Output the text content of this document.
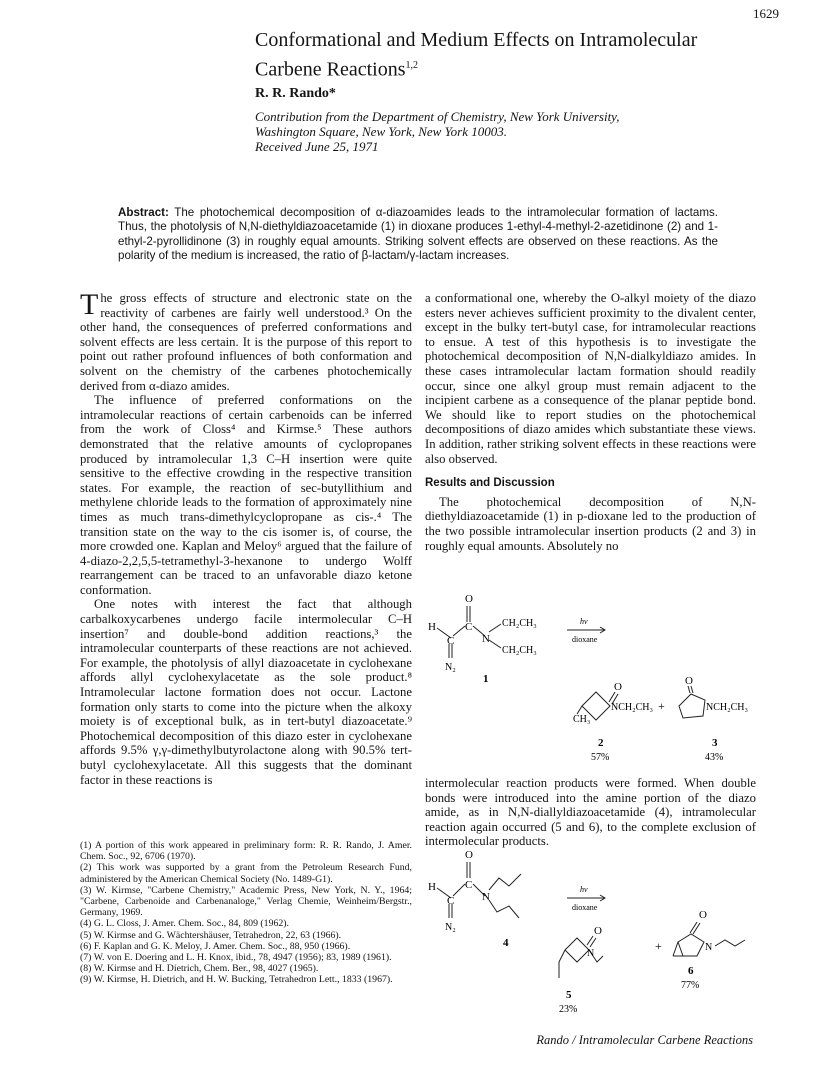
1629
Conformational and Medium Effects on Intramolecular
Carbene Reactions$^{1,2}$
R. R. Rando*
Contribution from the Department of Chemistry, New York University,
Washington Square, New York, New York 10003.
Received June 25, 1971
Abstract: The photochemical decomposition of α-diazoamides leads to the intramolecular formation of lactams. Thus, the photolysis of N,N-diethyldiazoacetamide (1) in dioxane produces 1-ethyl-4-methyl-2-azetidinone (2) and 1-ethyl-2-pyrollidinone (3) in roughly equal amounts. Striking solvent effects are observed on these reactions. As the polarity of the medium is increased, the ratio of β-lactam/γ-lactam increases.

The gross effects of structure and electronic state on the reactivity of carbenes are fairly well understood.³ On the other hand, the consequences of preferred conformations and solvent effects are less certain. It is the purpose of this report to point out rather profound influences of both conformation and solvent on the chemistry of the carbenes photochemically derived from α-diazo amides.

The influence of preferred conformations on the intramolecular reactions of certain carbenoids can be inferred from the work of Closs⁴ and Kirmse.⁵ These authors demonstrated that the relative amounts of cyclopropanes produced by intramolecular 1,3 C–H insertion were quite sensitive to the effective crowding in the respective transition states. For example, the reaction of sec-butyllithium and methylene chloride leads to the formation of approximately nine times as much trans-dimethylcyclopropane as cis-.⁴ The transition state on the way to the cis isomer is, of course, the more crowded one. Kaplan and Meloy⁶ argued that the failure of 4-diazo-2,2,5,5-tetramethyl-3-hexanone to undergo Wolff rearrangement can be traced to an unfavorable diazo ketone conformation.

One notes with interest the fact that although carbalkoxycarbenes undergo facile intermolecular C–H insertion⁷ and double-bond addition reactions,³ the intramolecular counterparts of these reactions are not achieved. For example, the photolysis of allyl diazoacetate in cyclohexane affords allyl cyclohexylacetate as the sole product.⁸ Intramolecular lactone formation does not occur. Lactone formation only starts to come into the picture when the alkoxy moiety is of exceptional bulk, as in tert-butyl diazoacetate.⁹ Photochemical decomposition of this diazo ester in cyclohexane affords 9.5% γ,γ-dimethylbutyrolactone along with 90.5% tert-butyl cyclohexylacetate. All this suggests that the dominant factor in these reactions is

(1) A portion of this work appeared in preliminary form: R. R. Rando, J. Amer. Chem. Soc., 92, 6706 (1970).
(2) This work was supported by a grant from the Petroleum Research Fund, administered by the American Chemical Society (No. 1489-G1).
(3) W. Kirmse, "Carbene Chemistry," Academic Press, New York, N. Y., 1964; "Carbene, Carbenoide and Carbenanaloge," Verlag Chemie, Weinheim/Bergstr., Germany, 1969.
(4) G. L. Closs, J. Amer. Chem. Soc., 84, 809 (1962).
(5) W. Kirmse and G. Wächtershäuser, Tetrahedron, 22, 63 (1966).
(6) F. Kaplan and G. K. Meloy, J. Amer. Chem. Soc., 88, 950 (1966).
(7) W. von E. Doering and L. H. Knox, ibid., 78, 4947 (1956); 83, 1989 (1961).
(8) W. Kirmse and H. Dietrich, Chem. Ber., 98, 4027 (1965).
(9) W. Kirmse, H. Dietrich, and H. W. Bucking, Tetrahedron Lett., 1833 (1967).

a conformational one, whereby the O-alkyl moiety of the diazo esters never achieves sufficient proximity to the divalent center, except in the bulky tert-butyl case, for intramolecular reactions to ensue. A test of this hypothesis is to investigate the photochemical decomposition of N,N-dialkyldiazo amides. In these cases intramolecular lactam formation should readily occur, since one alkyl group must remain adjacent to the incipient carbene as a consequence of the planar peptide bond. We should like to report studies on the photochemical decompositions of diazo amides which substantiate these views. In addition, rather striking solvent effects in these reactions were also observed.

Results and Discussion

The photochemical decomposition of N,N-diethyldiazoacetamide (1) in p-dioxane led to the production of the two possible intramolecular insertion products (2 and 3) in roughly equal amounts. Absolutely no

O
H
C
C
N
CH₂CH₃
CH₂CH₃
N₂
hν
dioxane
1
O
NCH₂CH₃
CH₃
+
O
NCH₂CH₃
2
57%
3
43%

intermolecular reaction products were formed. When double bonds were introduced into the amine portion of the diazo amide, as in N,N-diallyldiazoacetamide (4), intramolecular reaction again occurred (5 and 6), to the complete exclusion of intermolecular products.

O
H
C
C
N
N₂
hν
dioxane
4
O
N
+
O
N
5
23%
6
77%
Rando / Intramolecular Carbene Reactions
